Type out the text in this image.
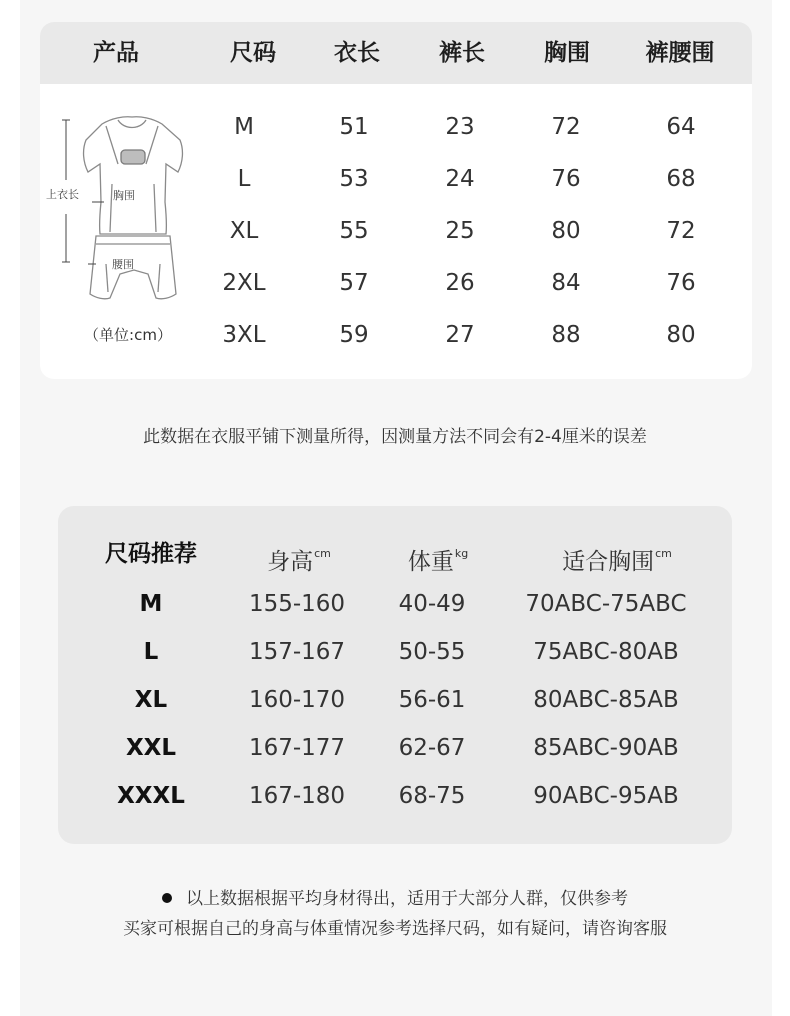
产品	尺码	衣长	裤长	胸围 裤腰围
上衣长	胸围
腰围
（单位:cm）
M	51	23	72	64
L	53	24	76	68
XL	55	25	80	72
2XL	57	26	84	76
3XL	59	27	88	80
此数据在衣服平铺下测量所得，因测量方法不同会有2-4厘米的误差
尺码推荐	身高$^{cm}$	体重$^{kg}$	适合胸围$^{cm}$
M	155-160 40-49	70ABC-75ABC
L	157-167 50-55	75ABC-80AB
XL	160-170 56-61	80ABC-85AB
XXL	167-177 62-67	85ABC-90AB
XXXL	167-180 68-75	90ABC-95AB
以上数据根据平均身材得出，适用于大部分人群，仅供参考
买家可根据自己的身高与体重情况参考选择尺码，如有疑问，请咨询客服
